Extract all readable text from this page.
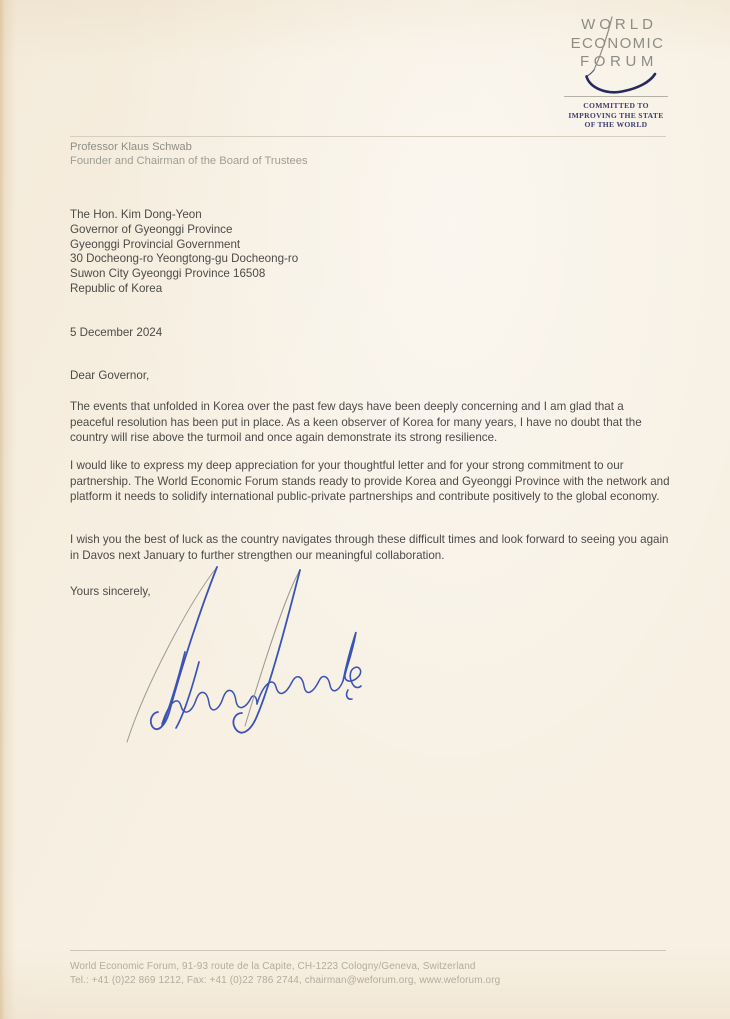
WORLD
ECONOMIC
FORUM
COMMITTED TO
IMPROVING THE STATE
OF THE WORLD
Professor Klaus Schwab
Founder and Chairman of the Board of Trustees
The Hon. Kim Dong-Yeon
Governor of Gyeonggi Province
Gyeonggi Provincial Government
30 Docheong-ro Yeongtong-gu Docheong-ro
Suwon City Gyeonggi Province 16508
Republic of Korea
5 December 2024
Dear Governor,
The events that unfolded in Korea over the past few days have been deeply concerning and I am glad that a peaceful resolution has been put in place. As a keen observer of Korea for many years, I have no doubt that the country will rise above the turmoil and once again demonstrate its strong resilience.
I would like to express my deep appreciation for your thoughtful letter and for your strong commitment to our partnership. The World Economic Forum stands ready to provide Korea and Gyeonggi Province with the network and platform it needs to solidify international public-private partnerships and contribute positively to the global economy.
I wish you the best of luck as the country navigates through these difficult times and look forward to seeing you again in Davos next January to further strengthen our meaningful collaboration.
Yours sincerely,
World Economic Forum, 91-93 route de la Capite, CH-1223 Cologny/Geneva, Switzerland
Tel.: +41 (0)22 869 1212, Fax: +41 (0)22 786 2744, chairman@weforum.org, www.weforum.org
